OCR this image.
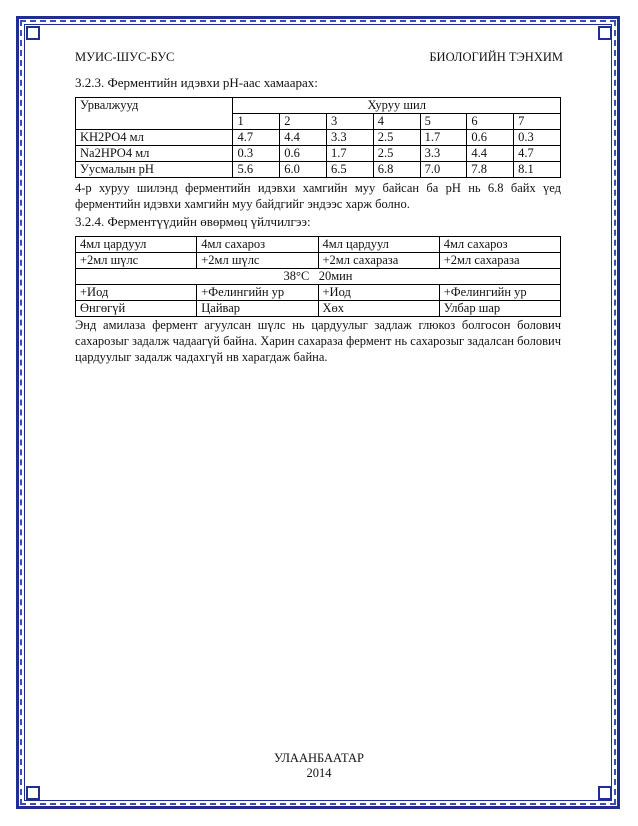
МУИС-ШУС-БУС	БИОЛОГИЙН ТЭНХИМ
3.2.3. Ферментийн идэвхи pH-аас хамаарах:
Урвалжууд	Хуруу шил						
	1	2	3	4	5	6	7
KH2PO4 мл	4.7	4.4	3.3	2.5	1.7	0.6	0.3
Na2HPO4 мл	0.3	0.6	1.7	2.5	3.3	4.4	4.7
Уусмалын pH	5.6	6.0	6.5	6.8	7.0	7.8	8.1
4-р хуруу шилэнд ферментийн идэвхи хамгийн муу байсан ба pH нь 6.8 байх үед ферментийн идэвхи хамгийн муу байдгийг эндээс харж болно.
3.2.4. Ферментүүдийн өвөрмөц үйлчилгээ:
4мл цардуул	4мл сахароз	4мл цардуул	4мл сахароз
+2мл шүлс	+2мл шүлс	+2мл сахараза	+2мл сахараза
38°C   20мин			
+Иод	+Фелингийн ур	+Иод	+Фелингийн ур
Өнгөгүй	Цайвар	Хөх	Улбар шар
Энд амилаза фермент агуулсан шүлс нь цардуулыг задлаж глюкоз болгосон болович сахарозыг задалж чадаагүй байна. Харин сахараза фермент нь сахарозыг задалсан болович цардуулыг задалж чадахгүй нв харагдаж байна.
УЛААНБААТАР
2014
